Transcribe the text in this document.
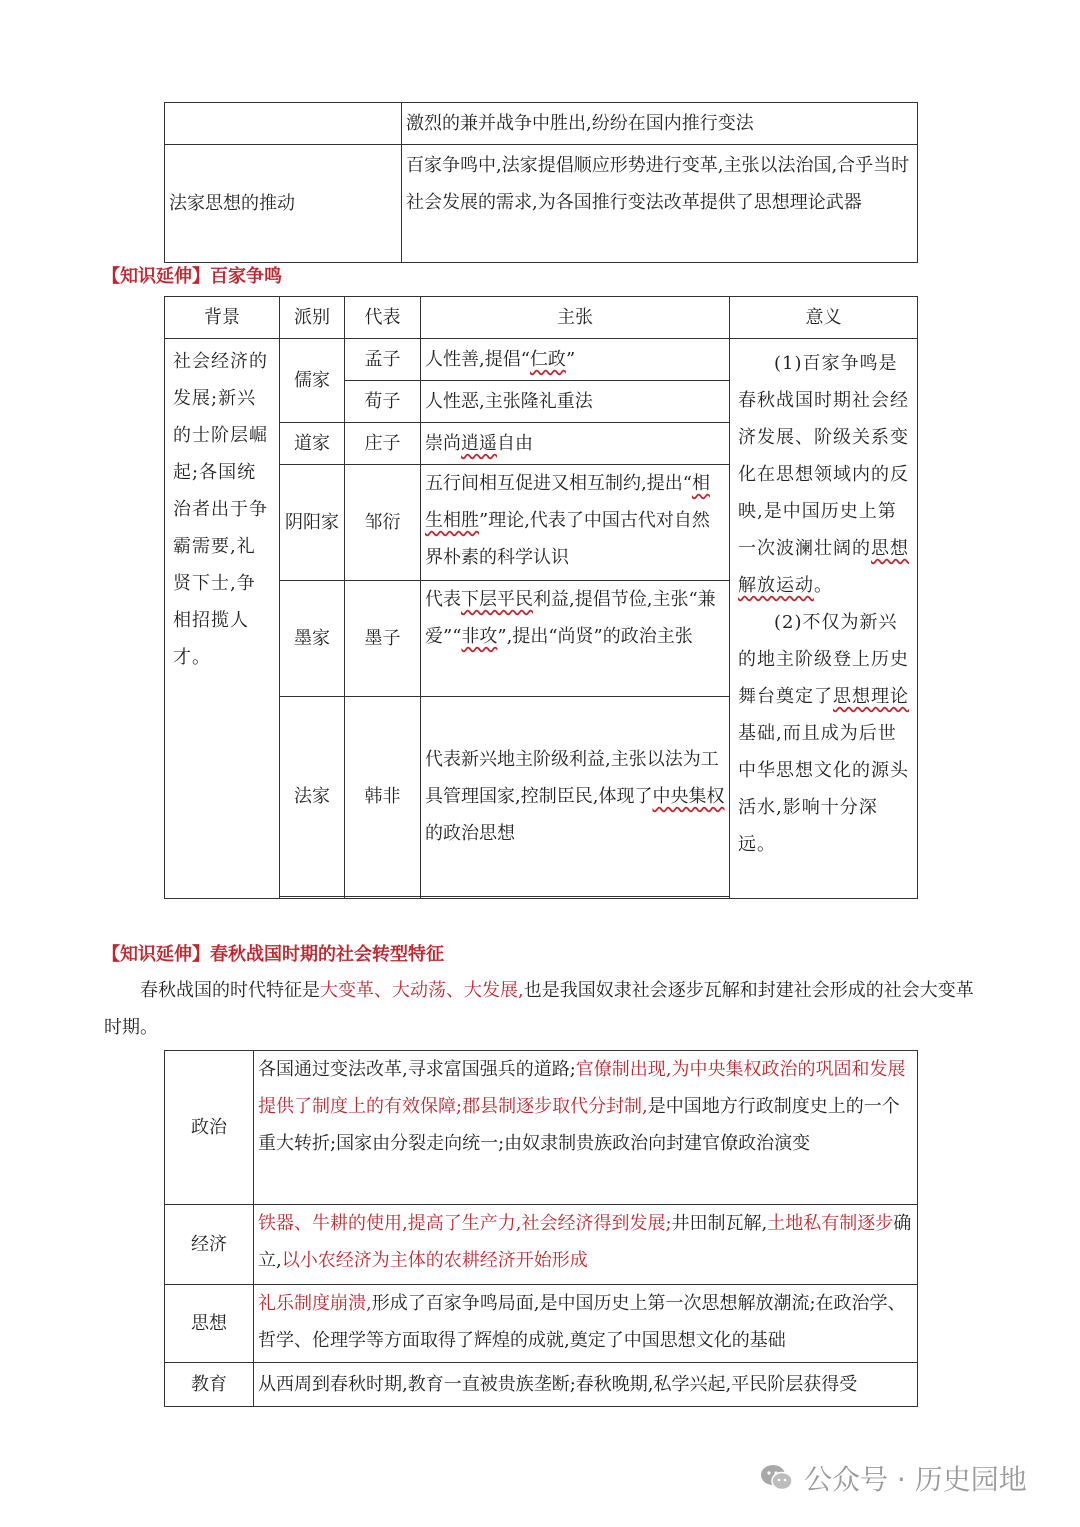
	激烈的兼并战争中胜出,纷纷在国内推行变法
法家思想的推动	百家争鸣中,法家提倡顺应形势进行变革,主张以法治国,合乎当时社会发展的需求,为各国推行变法改革提供了思想理论武器
【知识延伸】百家争鸣
背景	派别	代表	主张	意义
社会经济的发展;新兴的士阶层崛起;各国统治者出于争霸需要,礼贤下士,争相招揽人才。	儒家	孟子	人性善,提倡“仁政”	(1)百家争鸣是春秋战国时期社会经济发展、阶级关系变化在思想领域内的反映,是中国历史上第一次波澜壮阔的思想解放运动。
(2)不仅为新兴的地主阶级登上历史舞台奠定了思想理论基础,而且成为后世中华思想文化的源头活水,影响十分深远。

		荀子	人性恶,主张隆礼重法	
	道家	庄子	崇尚逍遥自由	
	阴阳家	邹衍	五行间相互促进又相互制约,提出“相生相胜”理论,代表了中国古代对自然界朴素的科学认识	
	墨家	墨子	代表下层平民利益,提倡节俭,主张“兼爱”“非攻”,提出“尚贤”的政治主张	
	法家	韩非	代表新兴地主阶级利益,主张以法为工具管理国家,控制臣民,体现了中央集权的政治思想	

【知识延伸】春秋战国时期的社会转型特征
春秋战国的时代特征是大变革、大动荡、大发展,也是我国奴隶社会逐步瓦解和封建社会形成的社会大变革时期。
政治	各国通过变法改革,寻求富国强兵的道路;官僚制出现,为中央集权政治的巩固和发展提供了制度上的有效保障;郡县制逐步取代分封制,是中国地方行政制度史上的一个重大转折;国家由分裂走向统一;由奴隶制贵族政治向封建官僚政治演变
经济	铁器、牛耕的使用,提高了生产力,社会经济得到发展;井田制瓦解,土地私有制逐步确立,以小农经济为主体的农耕经济开始形成
思想	礼乐制度崩溃,形成了百家争鸣局面,是中国历史上第一次思想解放潮流;在政治学、哲学、伦理学等方面取得了辉煌的成就,奠定了中国思想文化的基础
教育	从西周到春秋时期,教育一直被贵族垄断;春秋晚期,私学兴起,平民阶层获得受
公众号 · 历史园地
